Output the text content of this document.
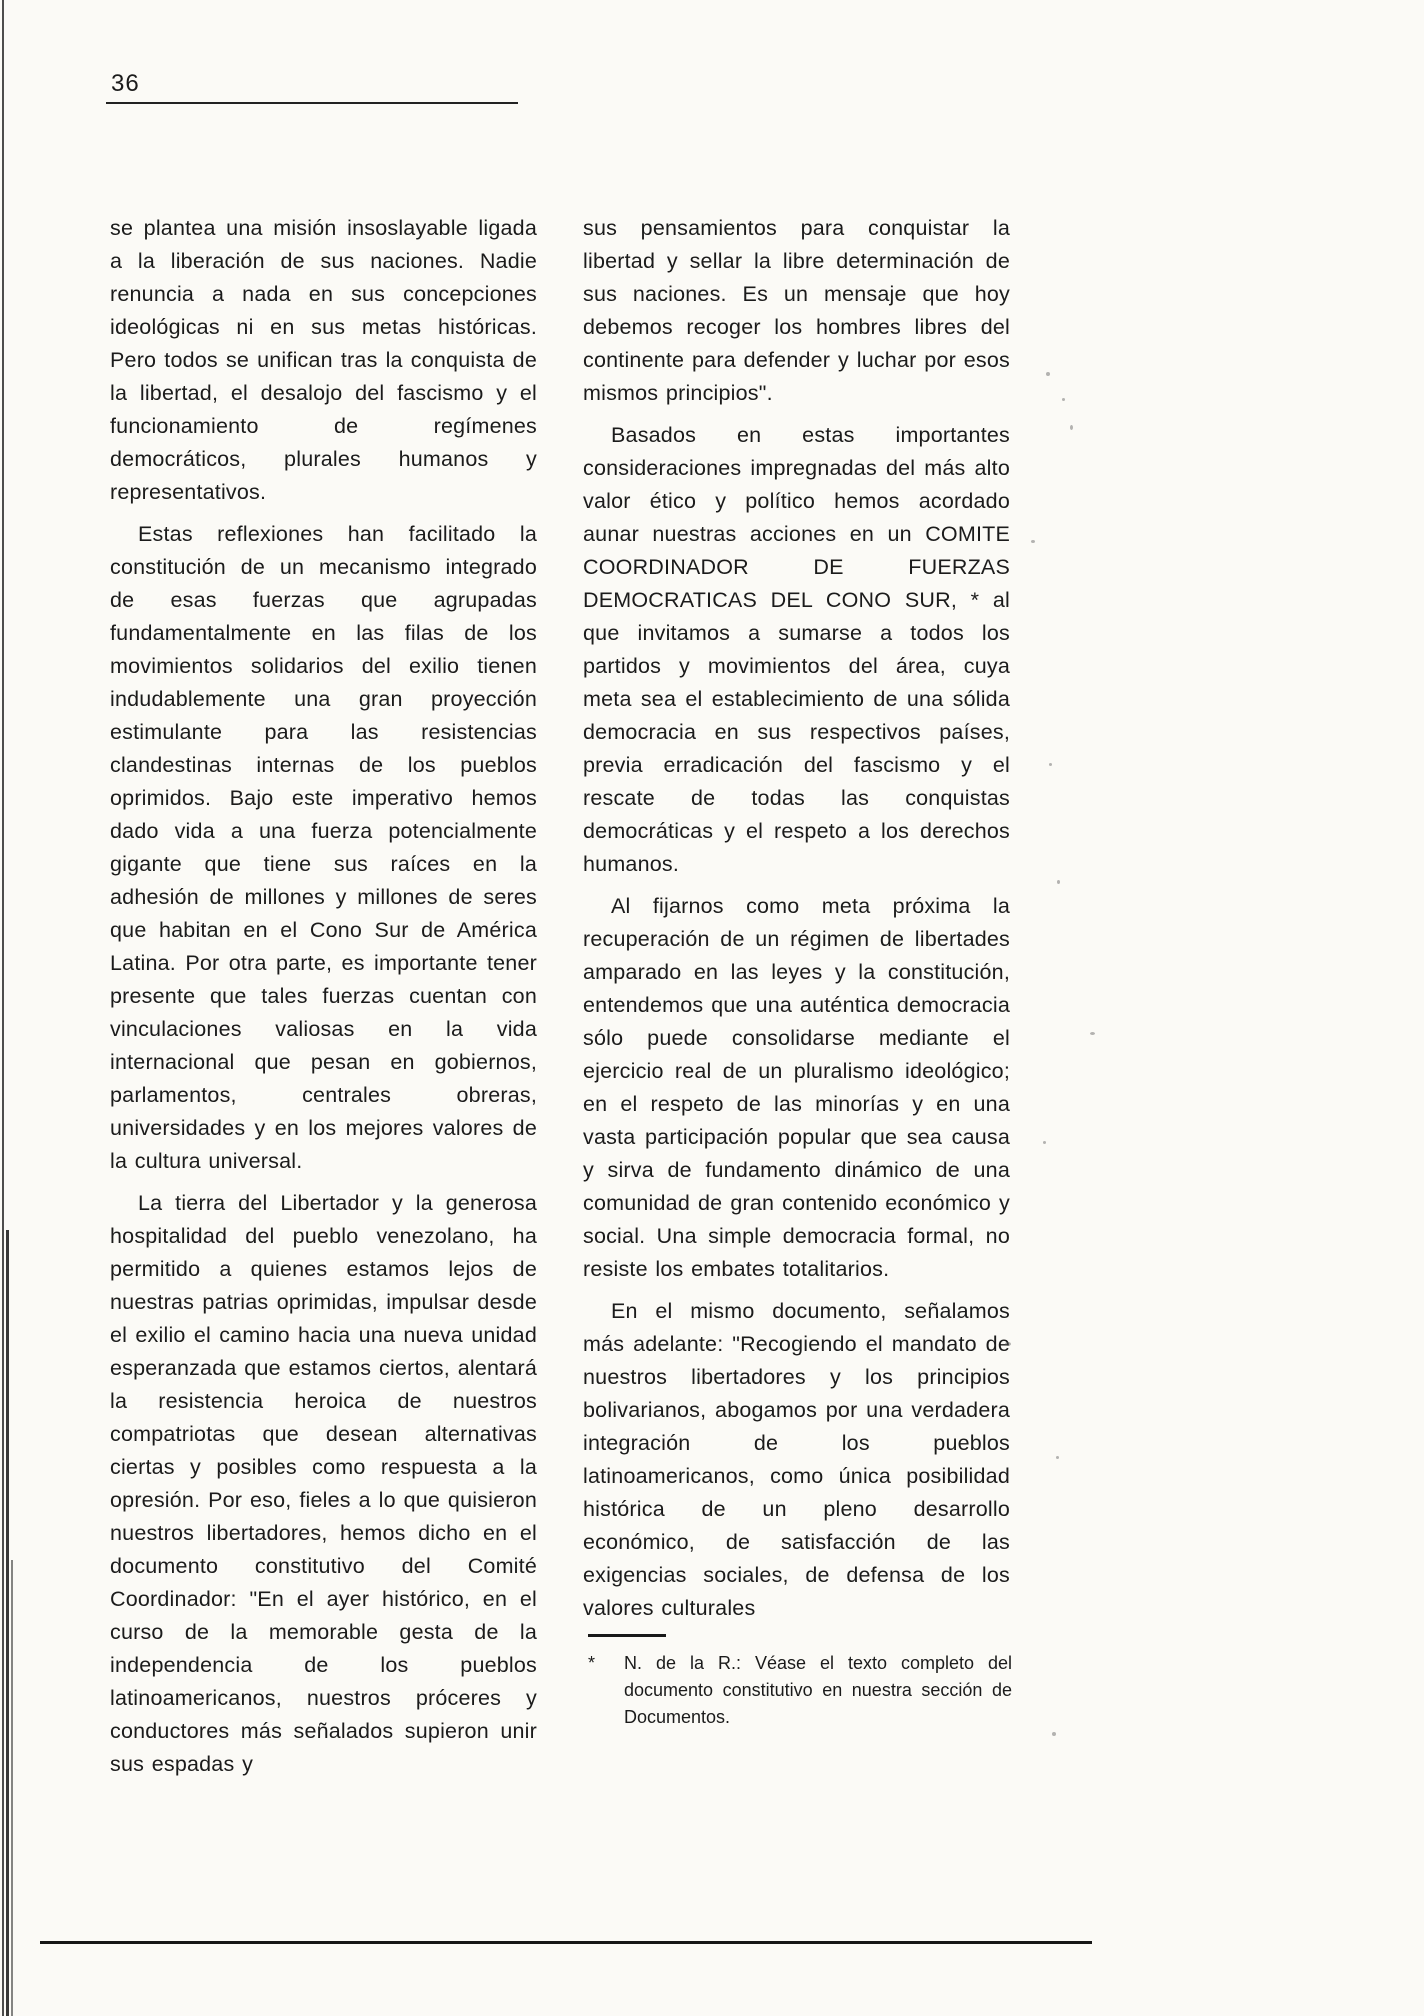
36

se plantea una misión insoslayable ligada a la liberación de sus naciones. Nadie renuncia a nada en sus concepciones ideológicas ni en sus metas históricas. Pero todos se unifican tras la conquista de la libertad, el desalojo del fascismo y el funcionamiento de regímenes democráticos, plurales humanos y representativos.

Estas reflexiones han facilitado la constitución de un mecanismo integrado de esas fuerzas que agrupadas fundamentalmente en las filas de los movimientos solidarios del exilio tienen indudablemente una gran proyección estimulante para las resistencias clandestinas internas de los pueblos oprimidos. Bajo este imperativo hemos dado vida a una fuerza potencialmente gigante que tiene sus raíces en la adhesión de millones y millones de seres que habitan en el Cono Sur de América Latina. Por otra parte, es importante tener presente que tales fuerzas cuentan con vinculaciones valiosas en la vida internacional que pesan en gobiernos, parlamentos, centrales obreras, universidades y en los mejores valores de la cultura universal.

La tierra del Libertador y la generosa hospitalidad del pueblo venezolano, ha permitido a quienes estamos lejos de nuestras patrias oprimidas, impulsar desde el exilio el camino hacia una nueva unidad esperanzada que estamos ciertos, alentará la resistencia heroica de nuestros compatriotas que desean alternativas ciertas y posibles como respuesta a la opresión. Por eso, fieles a lo que quisieron nuestros libertadores, hemos dicho en el documento constitutivo del Comité Coordinador: "En el ayer histórico, en el curso de la memorable gesta de la independencia de los pueblos latinoamericanos, nuestros próceres y conductores más señalados supieron unir sus espadas y

sus pensamientos para conquistar la libertad y sellar la libre determinación de sus naciones. Es un mensaje que hoy debemos recoger los hombres libres del continente para defender y luchar por esos mismos principios".

Basados en estas importantes consideraciones impregnadas del más alto valor ético y político hemos acordado aunar nuestras acciones en un COMITE COORDINADOR DE FUERZAS DEMOCRATICAS DEL CONO SUR, * al que invitamos a sumarse a todos los partidos y movimientos del área, cuya meta sea el establecimiento de una sólida democracia en sus respectivos países, previa erradicación del fascismo y el rescate de todas las conquistas democráticas y el respeto a los derechos humanos.

Al fijarnos como meta próxima la recuperación de un régimen de libertades amparado en las leyes y la constitución, entendemos que una auténtica democracia sólo puede consolidarse mediante el ejercicio real de un pluralismo ideológico; en el respeto de las minorías y en una vasta participación popular que sea causa y sirva de fundamento dinámico de una comunidad de gran contenido económico y social. Una simple democracia formal, no resiste los embates totalitarios.

En el mismo documento, señalamos más adelante: "Recogiendo el mandato de nuestros libertadores y los principios bolivarianos, abogamos por una verdadera integración de los pueblos latinoamericanos, como única posibilidad histórica de un pleno desarrollo económico, de satisfacción de las exigencias sociales, de defensa de los valores culturales

*	N. de la R.: Véase el texto completo del documento constitutivo en nuestra sección de Documentos.
